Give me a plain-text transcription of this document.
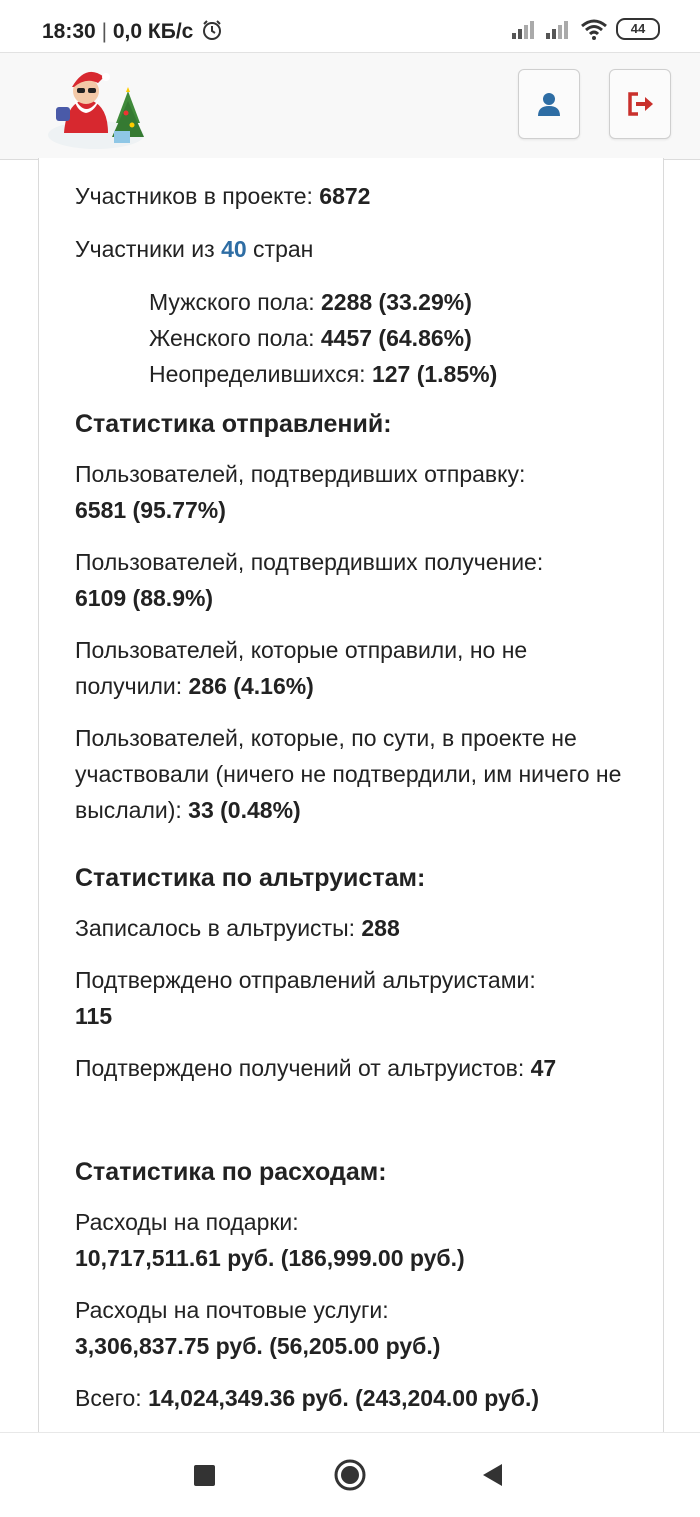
18:30 | 0,0 КБ/с	44

Участников в проекте: 6872

Участники из 40 стран

Мужского пола: 2288 (33.29%)

Женского пола: 4457 (64.86%)

Неопределившихся: 127 (1.85%)

Статистика отправлений:

Пользователей, подтвердивших отправку:
6581 (95.77%)

Пользователей, подтвердивших получение:
6109 (88.9%)

Пользователей, которые отправили, но не получили: 286 (4.16%)

Пользователей, которые, по сути, в проекте не участвовали (ничего не подтвердили, им ничего не выслали): 33 (0.48%)

Статистика по альтруистам:

Записалось в альтруисты: 288

Подтверждено отправлений альтруистами:
115

Подтверждено получений от альтруистов: 47

Статистика по расходам:

Расходы на подарки:
10,717,511.61 руб. (186,999.00 руб.)

Расходы на почтовые услуги:
3,306,837.75 руб. (56,205.00 руб.)

Всего: 14,024,349.36 руб. (243,204.00 руб.)
